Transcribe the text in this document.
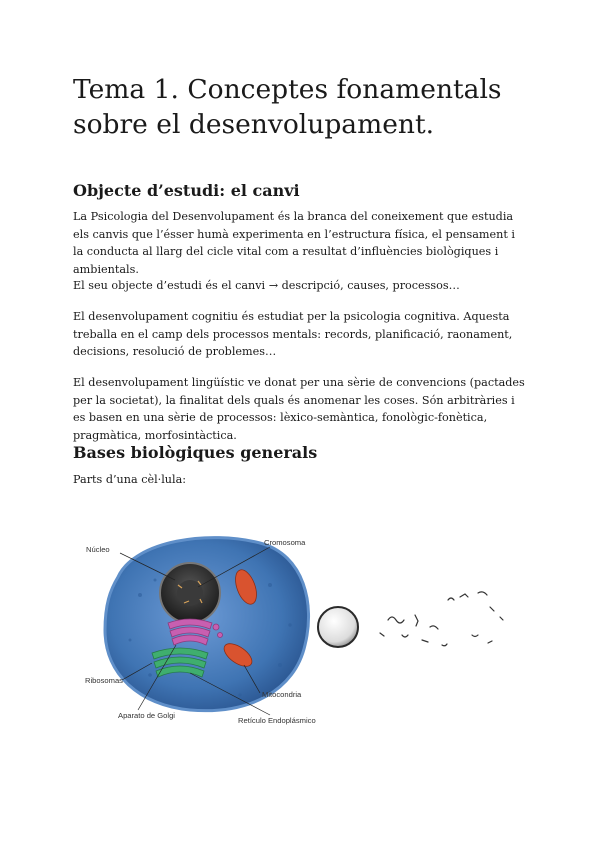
Tema 1. Conceptes fonamentals sobre el desenvolupament.
Objecte d’estudi: el canvi

La Psicologia del Desenvolupament és la branca del coneixement que estudia els canvis que l’ésser humà experimenta en l’estructura física, el pensament i la conducta al llarg del cicle vital com a resultat d’influències biològiques i ambientals.

El seu objecte d’estudi és el canvi → descripció, causes, processos…

El desenvolupament cognitiu és estudiat per la psicologia cognitiva. Aquesta treballa en el camp dels processos mentals: records, planificació, raonament, decisions, resolució de problemes…

El desenvolupament lingüístic ve donat per una sèrie de convencions (pactades per la societat), la finalitat dels quals és anomenar les coses. Són arbitràries i es basen en una sèrie de processos: lèxico-semàntica, fonològic-fonètica, pragmàtica, morfosintàctica.

Bases biològiques generals

Parts d’una cèl·lula:

Núcleo
Cromosoma
Ribosomas
Mitocondria
Aparato de Golgi
Retículo Endoplásmico
